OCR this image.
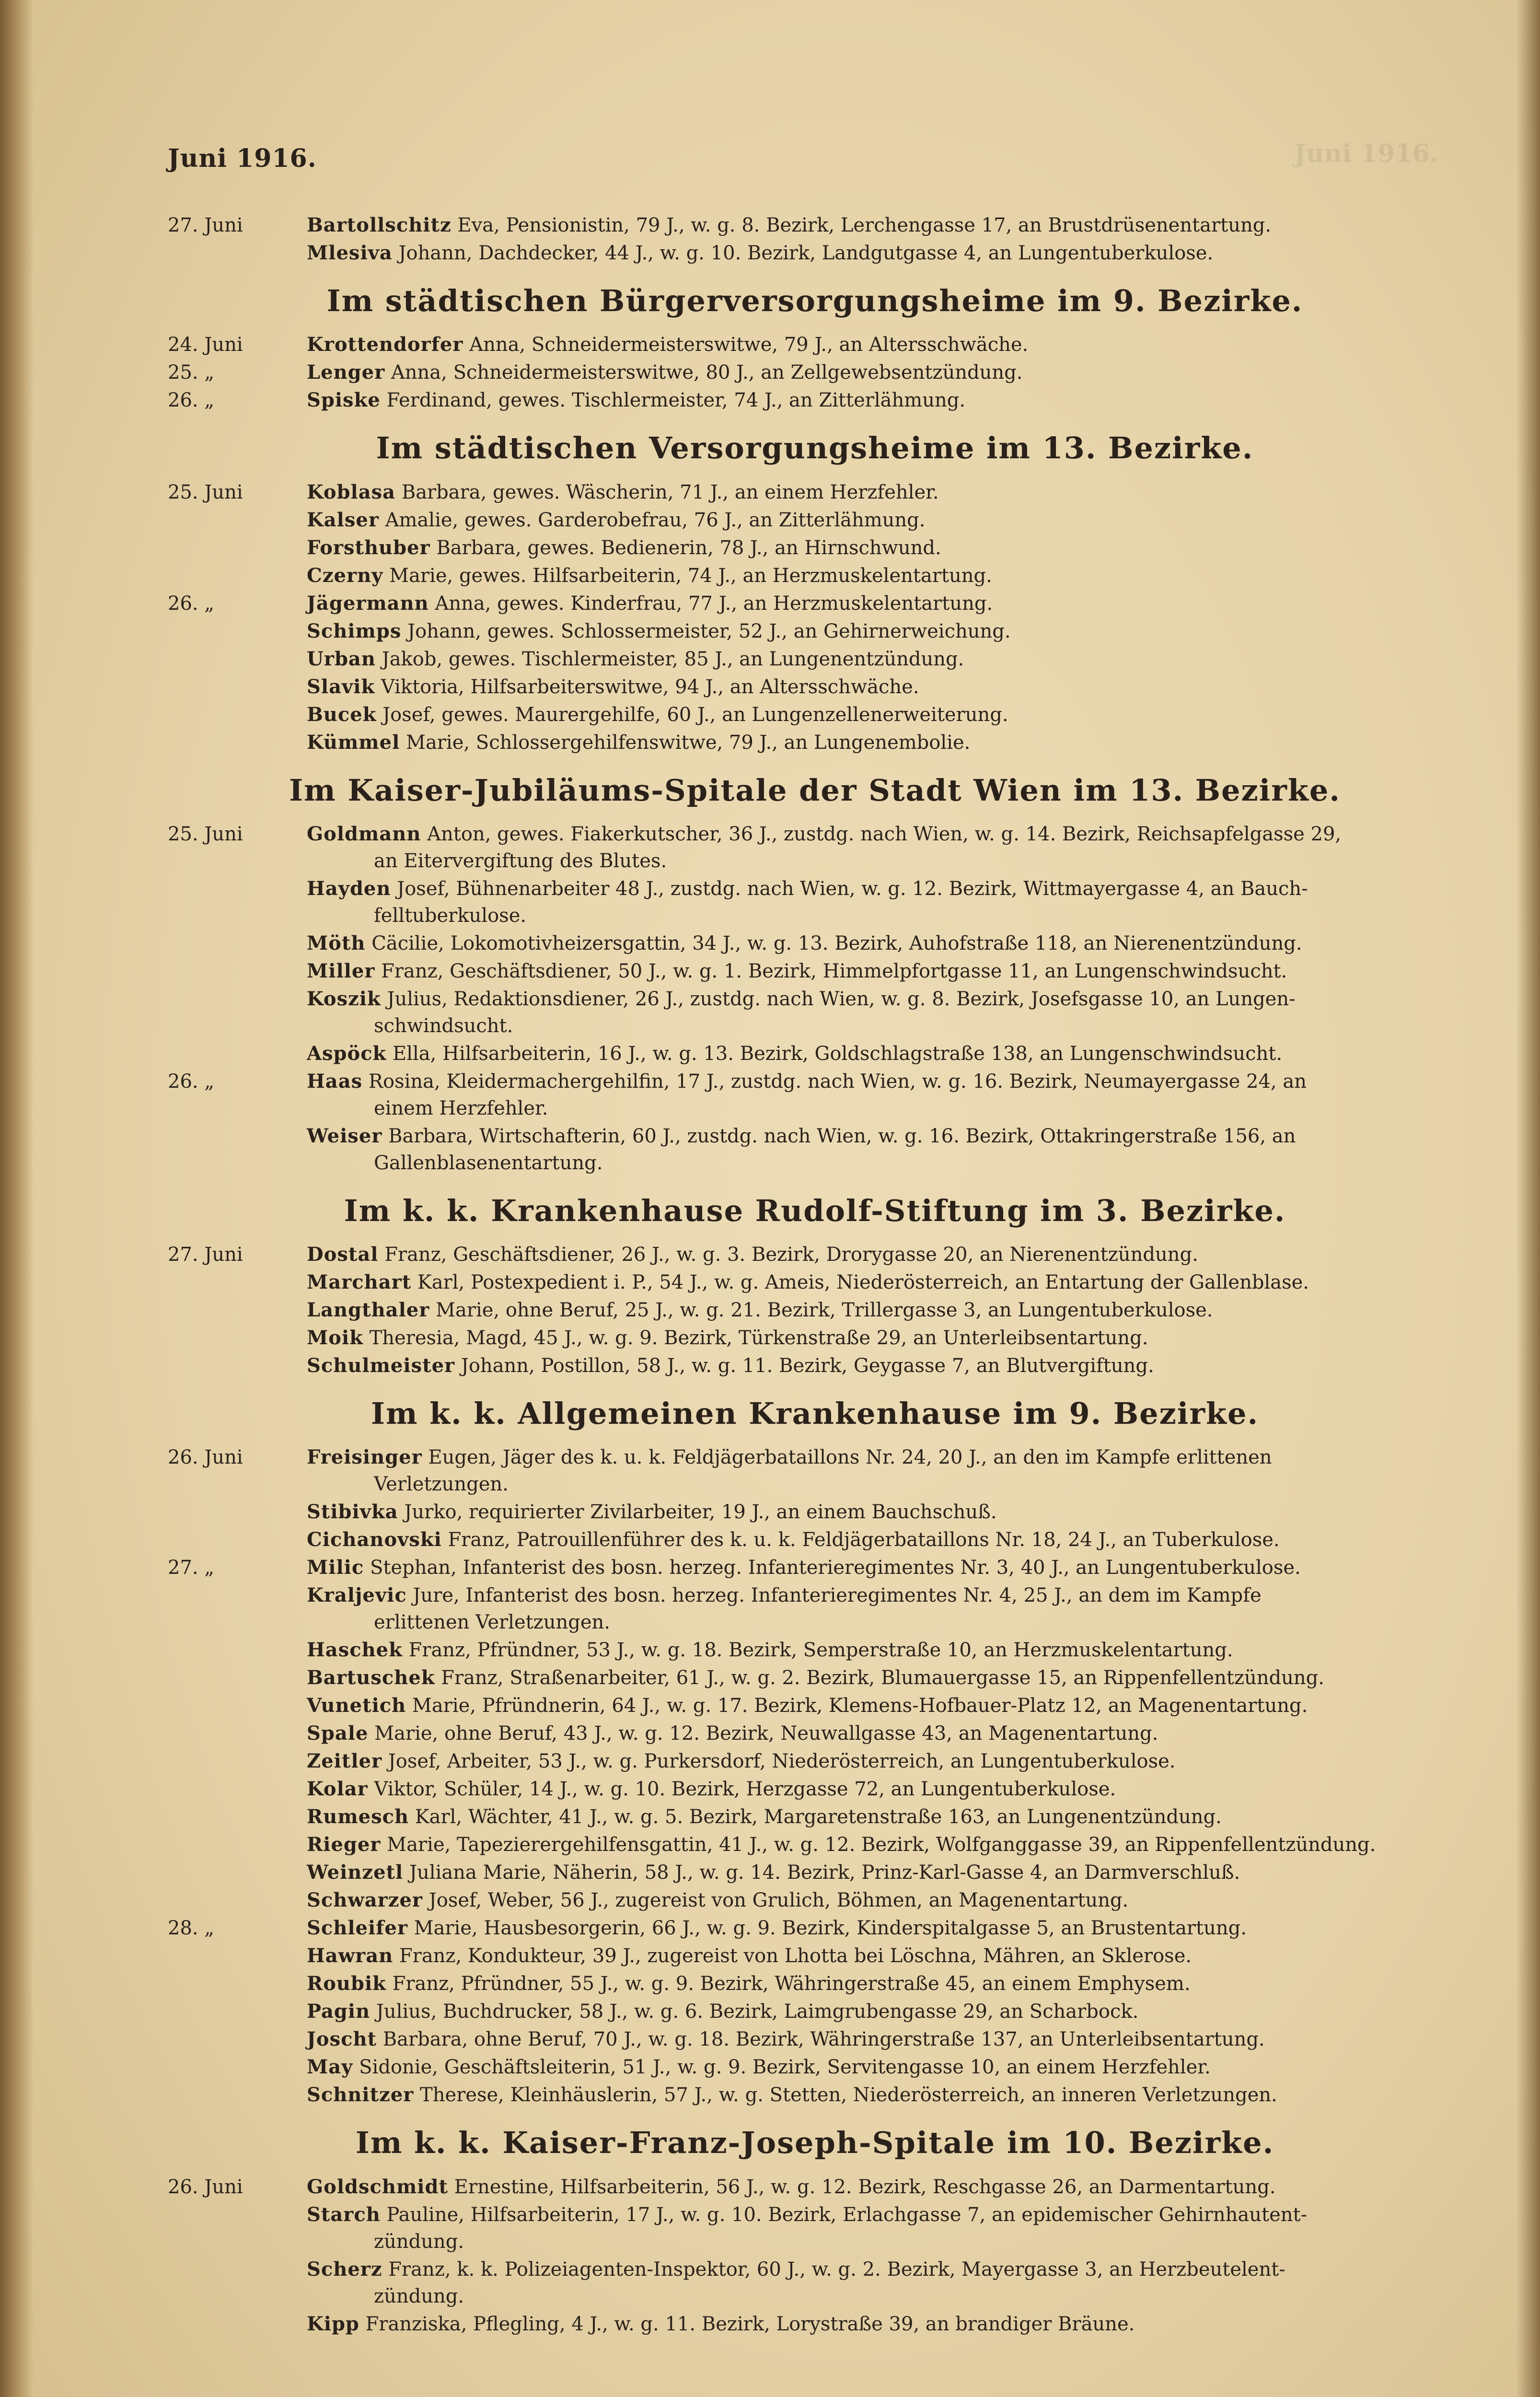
Juni 1916.	Juni 1916.
27. Juni	Bartollschitz Eva, Pensionistin, 79 J., w. g. 8. Bezirk, Lerchengasse 17, an Brustdrüsenentartung.
Mlesiva Johann, Dachdecker, 44 J., w. g. 10. Bezirk, Landgutgasse 4, an Lungentuberkulose.
Im städtischen Bürgerversorgungsheime im 9. Bezirke.
24. Juni	Krottendorfer Anna, Schneidermeisterswitwe, 79 J., an Altersschwäche.
25. „	Lenger Anna, Schneidermeisterswitwe, 80 J., an Zellgewebsentzündung.
26. „	Spiske Ferdinand, gewes. Tischlermeister, 74 J., an Zitterlähmung.
Im städtischen Versorgungsheime im 13. Bezirke.
25. Juni	Koblasa Barbara, gewes. Wäscherin, 71 J., an einem Herzfehler.
Kalser Amalie, gewes. Garderobefrau, 76 J., an Zitterlähmung.
Forsthuber Barbara, gewes. Bedienerin, 78 J., an Hirnschwund.
Czerny Marie, gewes. Hilfsarbeiterin, 74 J., an Herzmuskelentartung.
26. „	Jägermann Anna, gewes. Kinderfrau, 77 J., an Herzmuskelentartung.
Schimps Johann, gewes. Schlossermeister, 52 J., an Gehirnerweichung.
Urban Jakob, gewes. Tischlermeister, 85 J., an Lungenentzündung.
Slavik Viktoria, Hilfsarbeiterswitwe, 94 J., an Altersschwäche.
Bucek Josef, gewes. Maurergehilfe, 60 J., an Lungenzellenerweiterung.
Kümmel Marie, Schlossergehilfenswitwe, 79 J., an Lungenembolie.
Im Kaiser-Jubiläums-Spitale der Stadt Wien im 13. Bezirke.
25. Juni	Goldmann Anton, gewes. Fiakerkutscher, 36 J., zustdg. nach Wien, w. g. 14. Bezirk, Reichsapfelgasse 29,
an Eitervergiftung des Blutes.
Hayden Josef, Bühnenarbeiter 48 J., zustdg. nach Wien, w. g. 12. Bezirk, Wittmayergasse 4, an Bauch-
felltuberkulose.
Möth Cäcilie, Lokomotivheizersgattin, 34 J., w. g. 13. Bezirk, Auhofstraße 118, an Nierenentzündung.
Miller Franz, Geschäftsdiener, 50 J., w. g. 1. Bezirk, Himmelpfortgasse 11, an Lungenschwindsucht.
Koszik Julius, Redaktionsdiener, 26 J., zustdg. nach Wien, w. g. 8. Bezirk, Josefsgasse 10, an Lungen-
schwindsucht.
Aspöck Ella, Hilfsarbeiterin, 16 J., w. g. 13. Bezirk, Goldschlagstraße 138, an Lungenschwindsucht.
26. „	Haas Rosina, Kleidermachergehilfin, 17 J., zustdg. nach Wien, w. g. 16. Bezirk, Neumayergasse 24, an
einem Herzfehler.
Weiser Barbara, Wirtschafterin, 60 J., zustdg. nach Wien, w. g. 16. Bezirk, Ottakringerstraße 156, an
Gallenblasenentartung.
Im k. k. Krankenhause Rudolf-Stiftung im 3. Bezirke.
27. Juni	Dostal Franz, Geschäftsdiener, 26 J., w. g. 3. Bezirk, Drorygasse 20, an Nierenentzündung.
Marchart Karl, Postexpedient i. P., 54 J., w. g. Ameis, Niederösterreich, an Entartung der Gallenblase.
Langthaler Marie, ohne Beruf, 25 J., w. g. 21. Bezirk, Trillergasse 3, an Lungentuberkulose.
Moik Theresia, Magd, 45 J., w. g. 9. Bezirk, Türkenstraße 29, an Unterleibsentartung.
Schulmeister Johann, Postillon, 58 J., w. g. 11. Bezirk, Geygasse 7, an Blutvergiftung.
Im k. k. Allgemeinen Krankenhause im 9. Bezirke.
26. Juni	Freisinger Eugen, Jäger des k. u. k. Feldjägerbataillons Nr. 24, 20 J., an den im Kampfe erlittenen
Verletzungen.
Stibivka Jurko, requirierter Zivilarbeiter, 19 J., an einem Bauchschuß.
Cichanovski Franz, Patrouillenführer des k. u. k. Feldjägerbataillons Nr. 18, 24 J., an Tuberkulose.
27. „	Milic Stephan, Infanterist des bosn. herzeg. Infanterieregimentes Nr. 3, 40 J., an Lungentuberkulose.
Kraljevic Jure, Infanterist des bosn. herzeg. Infanterieregimentes Nr. 4, 25 J., an dem im Kampfe
erlittenen Verletzungen.
Haschek Franz, Pfründner, 53 J., w. g. 18. Bezirk, Semperstraße 10, an Herzmuskelentartung.
Bartuschek Franz, Straßenarbeiter, 61 J., w. g. 2. Bezirk, Blumauergasse 15, an Rippenfellentzündung.
Vunetich Marie, Pfründnerin, 64 J., w. g. 17. Bezirk, Klemens-Hofbauer-Platz 12, an Magenentartung.
Spale Marie, ohne Beruf, 43 J., w. g. 12. Bezirk, Neuwallgasse 43, an Magenentartung.
Zeitler Josef, Arbeiter, 53 J., w. g. Purkersdorf, Niederösterreich, an Lungentuberkulose.
Kolar Viktor, Schüler, 14 J., w. g. 10. Bezirk, Herzgasse 72, an Lungentuberkulose.
Rumesch Karl, Wächter, 41 J., w. g. 5. Bezirk, Margaretenstraße 163, an Lungenentzündung.
Rieger Marie, Tapezierergehilfensgattin, 41 J., w. g. 12. Bezirk, Wolfganggasse 39, an Rippenfellentzündung.
Weinzetl Juliana Marie, Näherin, 58 J., w. g. 14. Bezirk, Prinz-Karl-Gasse 4, an Darmverschluß.
Schwarzer Josef, Weber, 56 J., zugereist von Grulich, Böhmen, an Magenentartung.
28. „	Schleifer Marie, Hausbesorgerin, 66 J., w. g. 9. Bezirk, Kinderspitalgasse 5, an Brustentartung.
Hawran Franz, Kondukteur, 39 J., zugereist von Lhotta bei Löschna, Mähren, an Sklerose.
Roubik Franz, Pfründner, 55 J., w. g. 9. Bezirk, Währingerstraße 45, an einem Emphysem.
Pagin Julius, Buchdrucker, 58 J., w. g. 6. Bezirk, Laimgrubengasse 29, an Scharbock.
Joscht Barbara, ohne Beruf, 70 J., w. g. 18. Bezirk, Währingerstraße 137, an Unterleibsentartung.
May Sidonie, Geschäftsleiterin, 51 J., w. g. 9. Bezirk, Servitengasse 10, an einem Herzfehler.
Schnitzer Therese, Kleinhäuslerin, 57 J., w. g. Stetten, Niederösterreich, an inneren Verletzungen.
Im k. k. Kaiser-Franz-Joseph-Spitale im 10. Bezirke.
26. Juni	Goldschmidt Ernestine, Hilfsarbeiterin, 56 J., w. g. 12. Bezirk, Reschgasse 26, an Darmentartung.
Starch Pauline, Hilfsarbeiterin, 17 J., w. g. 10. Bezirk, Erlachgasse 7, an epidemischer Gehirnhautent-
zündung.
Scherz Franz, k. k. Polizeiagenten-Inspektor, 60 J., w. g. 2. Bezirk, Mayergasse 3, an Herzbeutelent-
zündung.
Kipp Franziska, Pflegling, 4 J., w. g. 11. Bezirk, Lorystraße 39, an brandiger Bräune.
